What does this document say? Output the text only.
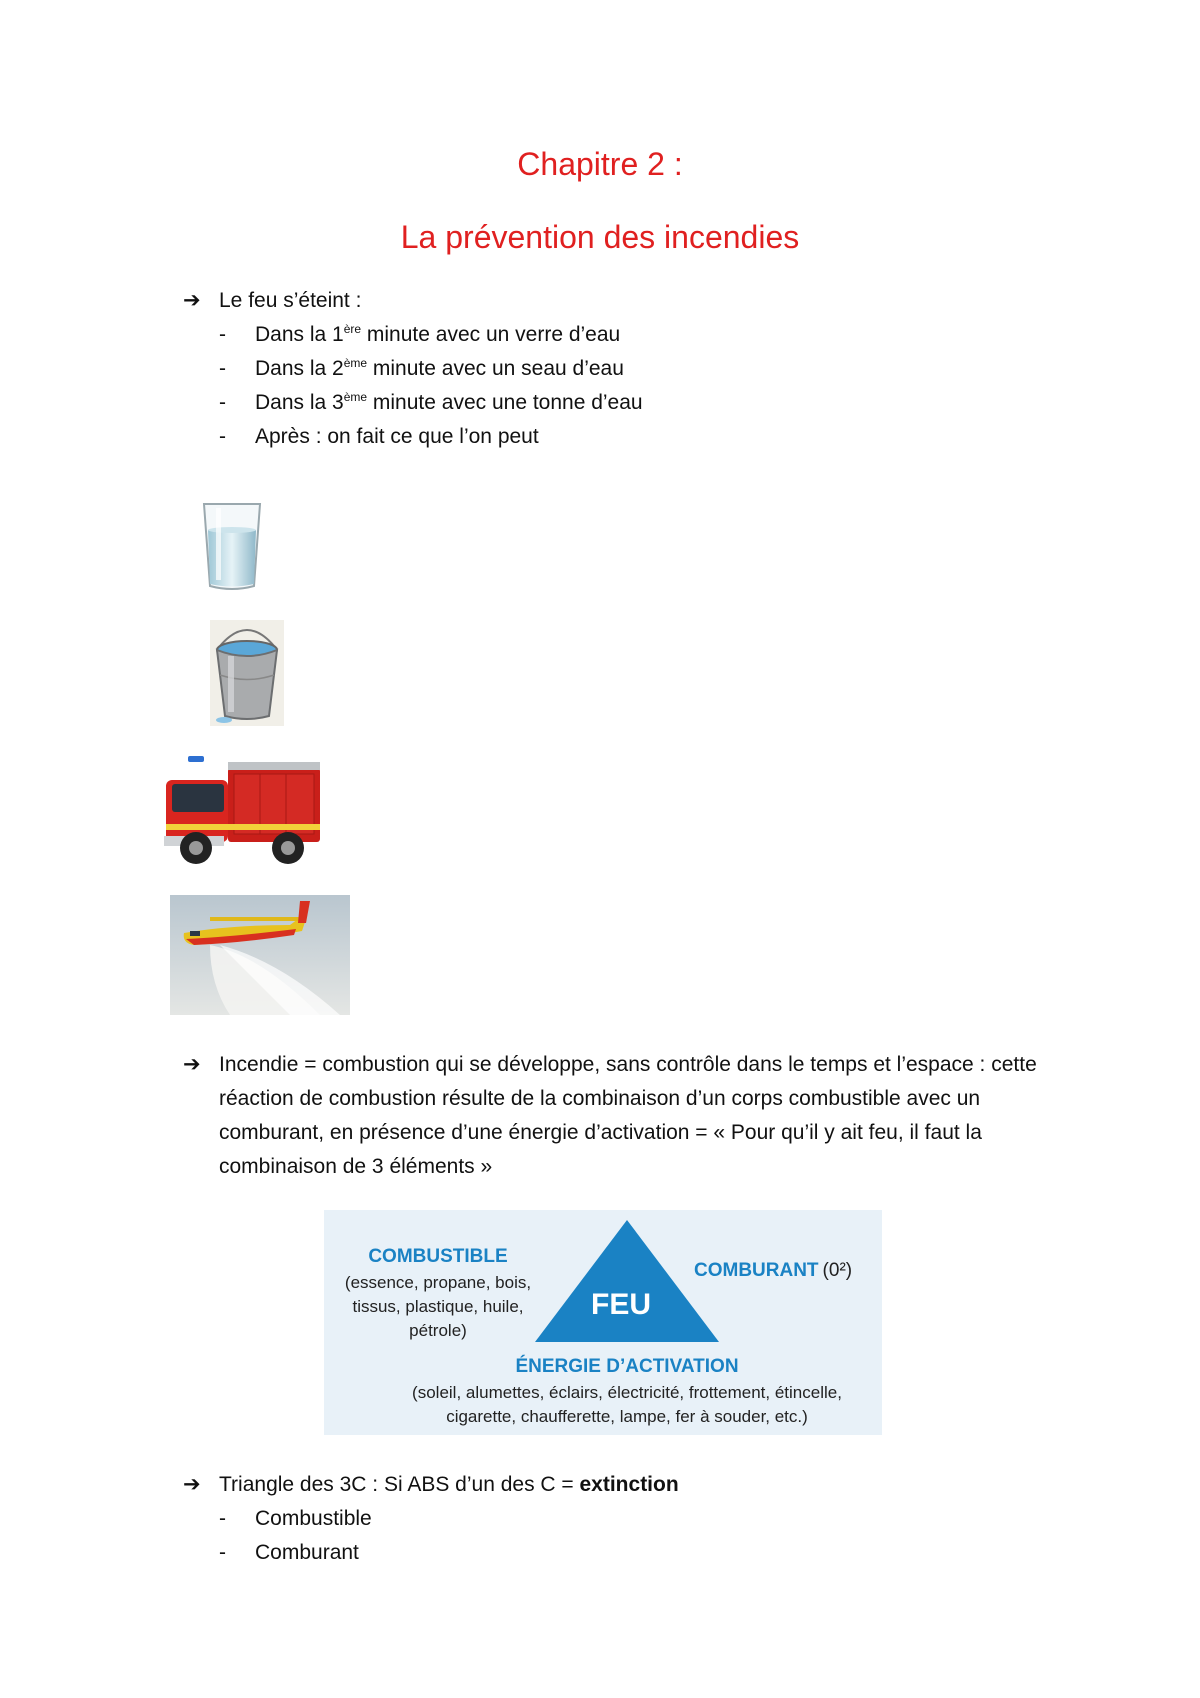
Chapitre 2 :
La prévention des incendies
➔ Le feu s’éteint :
- Dans la 1ère minute avec un verre d’eau
- Dans la 2ème minute avec un seau d’eau
- Dans la 3ème minute avec une tonne d’eau
- Après : on fait ce que l’on peut
➔ Incendie = combustion qui se développe, sans contrôle dans le temps et l’espace : cette réaction de combustion résulte de la combinaison d’un corps combustible avec un comburant, en présence d’une énergie d’activation = « Pour qu’il y ait feu, il faut la combinaison de 3 éléments »
FEU
COMBUSTIBLE
(essence, propane, bois,
tissus, plastique, huile,
pétrole)
COMBURANT (0²)
ÉNERGIE D’ACTIVATION
(soleil, alumettes, éclairs, électricité, frottement, étincelle,
cigarette, chaufferette, lampe, fer à souder, etc.)
➔ Triangle des 3C : Si ABS d’un des C = extinction
- Combustible
- Comburant
